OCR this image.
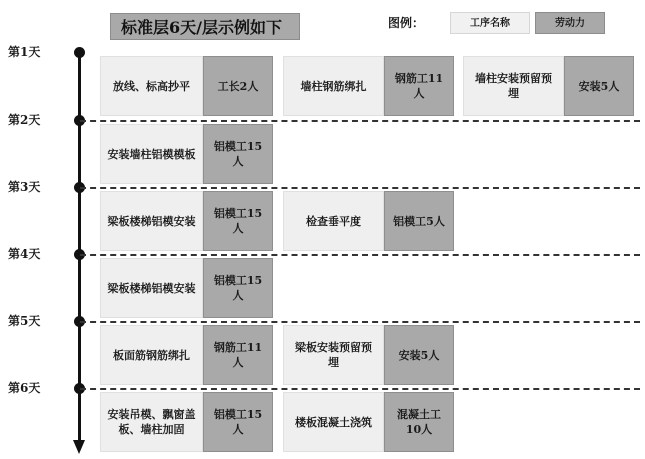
标准层6天/层示例如下	图例：	工序名称	劳动力
第1天
第2天
第3天
第4天
第5天
第6天
放线、标高抄平	工长2人	墙柱钢筋绑扎
钢筋工11人
墙柱安装预留预埋
安装5人
安装墙柱铝模模板
铝模工15人
梁板楼梯铝模安装
铝模工15人
检查垂平度	铝模工5人
梁板楼梯铝模安装
铝模工15人
板面筋钢筋绑扎
钢筋工11人
梁板安装预留预埋
安装5人
安装吊模、飘窗盖板、墙柱加固
铝模工15人
楼板混凝土浇筑
混凝土工10人
